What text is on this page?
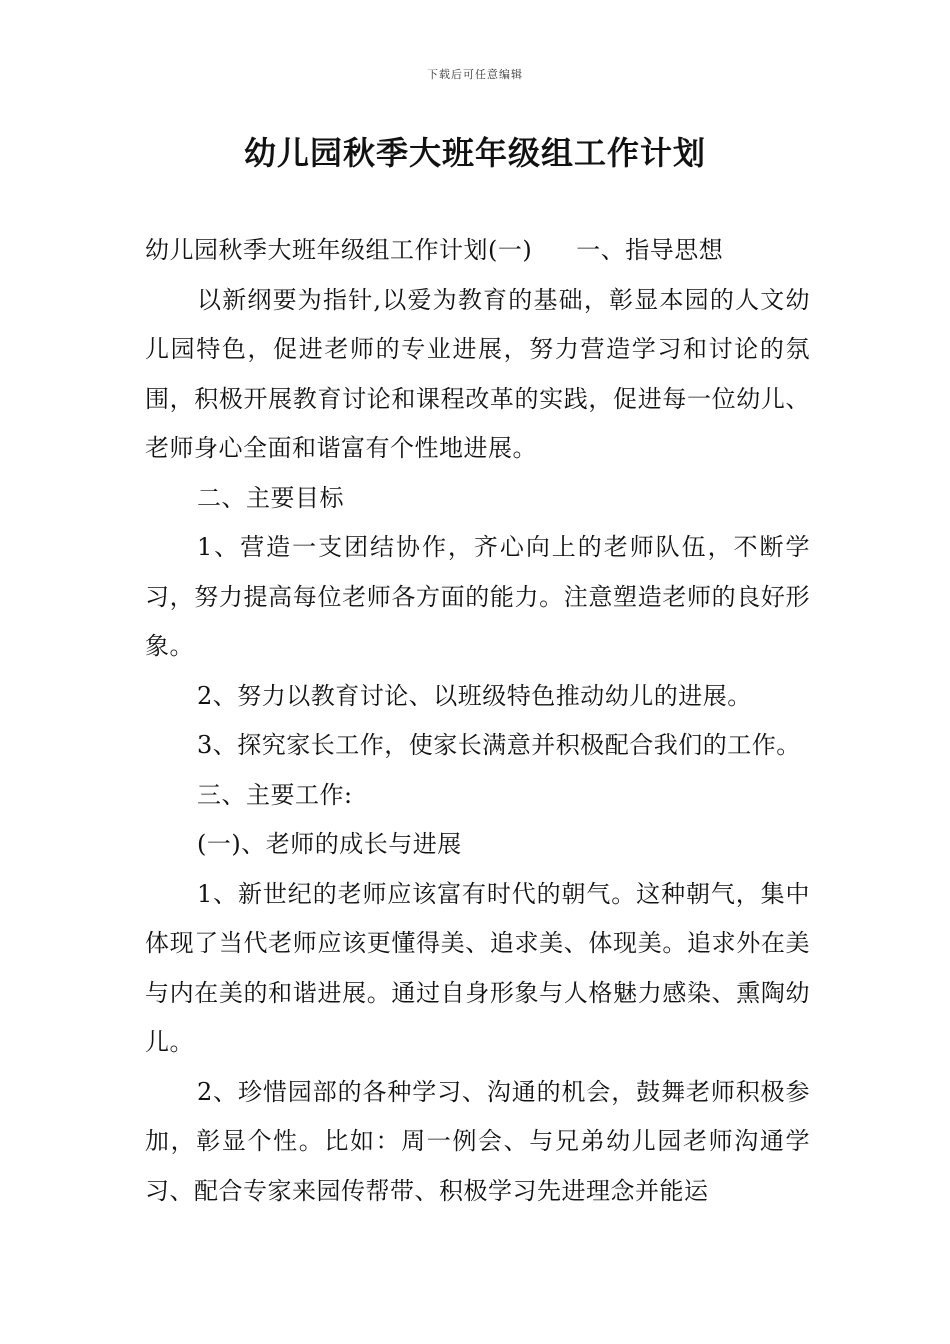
下载后可任意编辑
幼儿园秋季大班年级组工作计划

幼儿园秋季大班年级组工作计划(一) 一、指导思想

以新纲要为指针,以爱为教育的基础，彰显本园的人文幼儿园特色，促进老师的专业进展，努力营造学习和讨论的氛围，积极开展教育讨论和课程改革的实践，促进每一位幼儿、老师身心全面和谐富有个性地进展。

二、主要目标

1、营造一支团结协作，齐心向上的老师队伍，不断学习，努力提高每位老师各方面的能力。注意塑造老师的良好形象。

2、努力以教育讨论、以班级特色推动幼儿的进展。

3、探究家长工作，使家长满意并积极配合我们的工作。

三、主要工作:

(一)、老师的成长与进展

1、新世纪的老师应该富有时代的朝气。这种朝气，集中体现了当代老师应该更懂得美、追求美、体现美。追求外在美与内在美的和谐进展。通过自身形象与人格魅力感染、熏陶幼儿。

2、珍惜园部的各种学习、沟通的机会，鼓舞老师积极参加，彰显个性。比如：周一例会、与兄弟幼儿园老师沟通学习、配合专家来园传帮带、积极学习先进理念并能运
